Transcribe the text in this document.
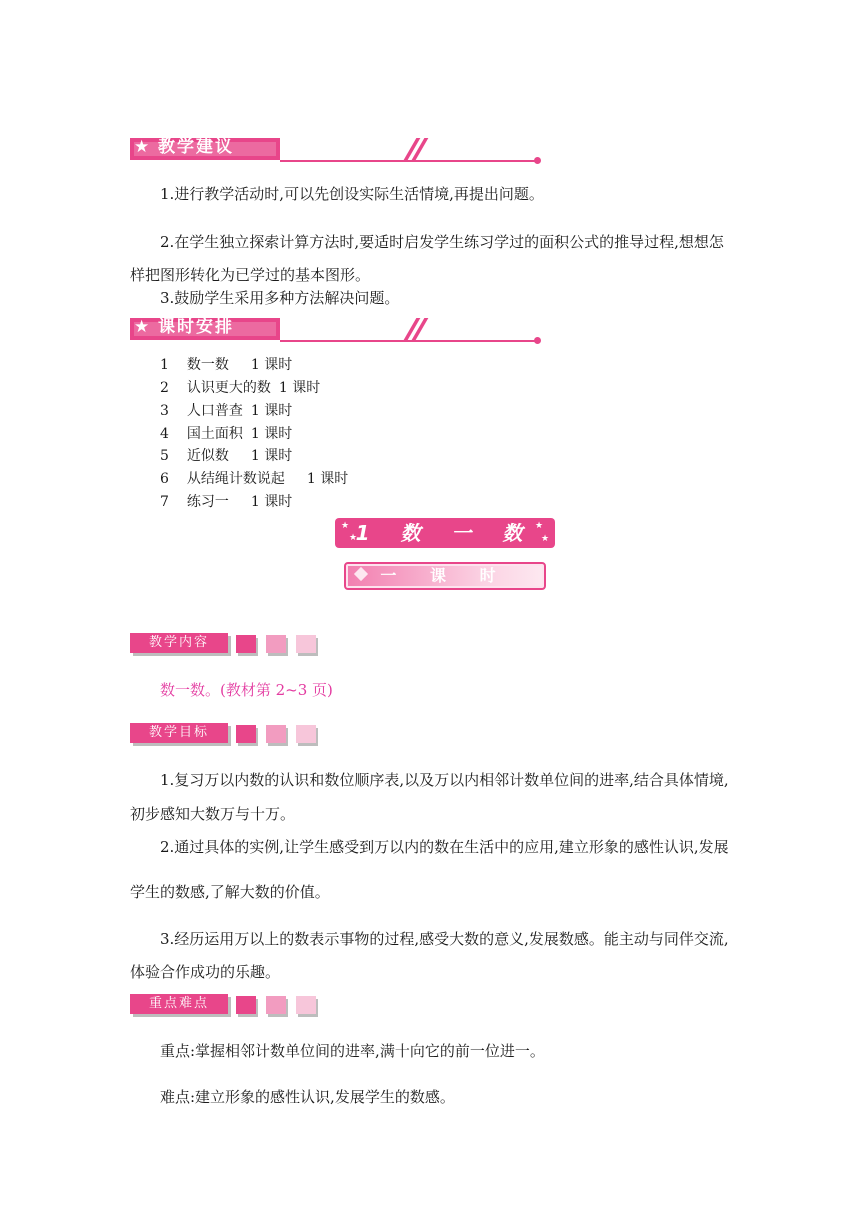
★ 教学建议
1.进行教学活动时,可以先创设实际生活情境,再提出问题。
2.在学生独立探索计算方法时,要适时启发学生练习学过的面积公式的推导过程,想想怎
样把图形转化为已学过的基本图形。
3.鼓励学生采用多种方法解决问题。
★ 课时安排
1 数一数 1 课时
2 认识更大的数 1 课时
3 人口普查 1 课时
4 国土面积 1 课时
5 近似数 1 课时
6 从结绳计数说起 1 课时
7 练习一 1 课时
★
★
★
★
1 数 一 数
一 课 时
教学内容
数一数。(教材第 2~3 页)
教学目标
1.复习万以内数的认识和数位顺序表,以及万以内相邻计数单位间的进率,结合具体情境,
初步感知大数万与十万。
2.通过具体的实例,让学生感受到万以内的数在生活中的应用,建立形象的感性认识,发展
学生的数感,了解大数的价值。
3.经历运用万以上的数表示事物的过程,感受大数的意义,发展数感。能主动与同伴交流,
体验合作成功的乐趣。
重点难点
重点:掌握相邻计数单位间的进率,满十向它的前一位进一。
难点:建立形象的感性认识,发展学生的数感。
